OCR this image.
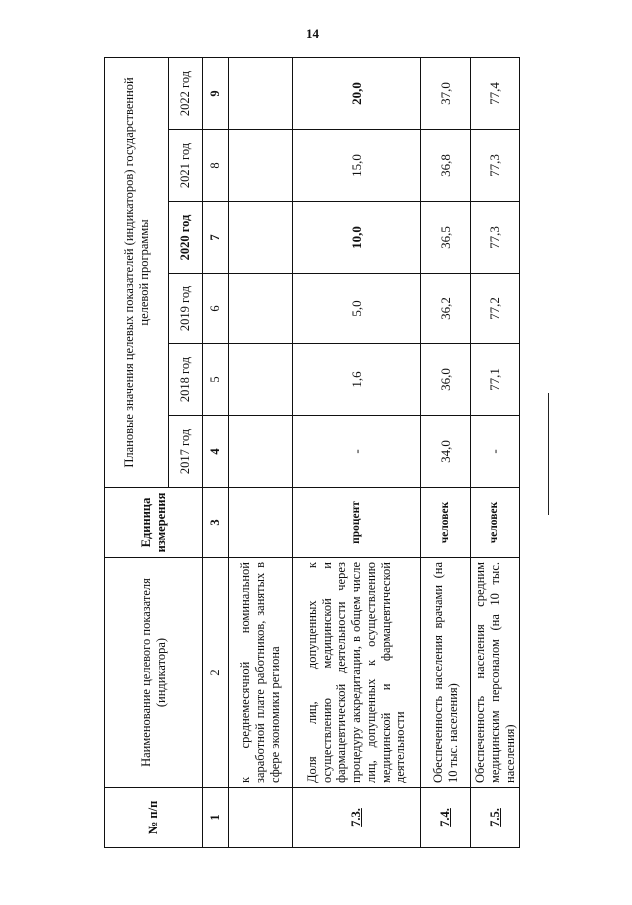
14
№ п/п	Наименование целевого показателя (индикатора)	Единица измерения	Плановые значения целевых показателей (индикаторов) государственной целевой программы					
			2017 год	2018 год	2019 год	2020 год	2021 год	2022 год
1	2	3	4	5	6	7	8	9
	к среднемесячной номинальной заработной плате работников, занятых в сфере экономики региона							
7.3.	Доля лиц, допущенных к осуществлению медицинской и фармацевтической деятельности через процедуру аккредитации, в общем числе лиц, допущенных к осуществлению медицинской и фармацевтической деятельности	процент	-	1,6	5,0	10,0	15,0	20,0
7.4.	Обеспеченность населения врачами (на 10 тыс. населения)	человек	34,0	36,0	36,2	36,5	36,8	37,0
7.5.	Обеспеченность населения средним медицинским персоналом (на 10 тыс. населения)	человек	-	77,1	77,2	77,3	77,3	77,4
